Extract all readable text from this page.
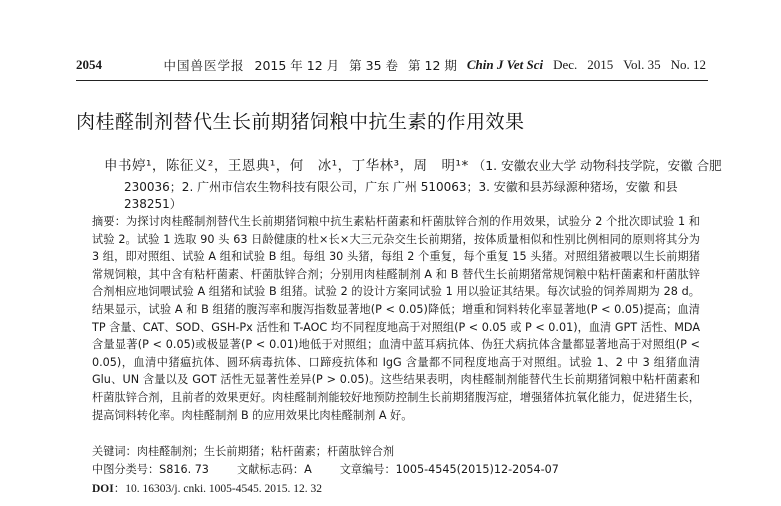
2054	中国兽医学报 2015 年 12 月 第 35 卷 第 12 期 Chin J Vet Sci Dec. 2015 Vol. 35 No. 12
肉桂醛制剂替代生长前期猪饲粮中抗生素的作用效果
申书婷¹，陈征义²，王恩典¹，何　冰¹，丁华林³，周　明¹* （1. 安徽农业大学 动物科技学院，安徽 合肥
230036；2. 广州市信农生物科技有限公司，广东 广州 510063；3. 安徽和县苏绿源种猪场，安徽 和县 238251）

摘要：为探讨肉桂醛制剂替代生长前期猪饲粮中抗生素粘杆菌素和杆菌肽锌合剂的作用效果，试验分 2 个批次即试验 1 和试验 2。试验 1 选取 90 头 63 日龄健康的杜×长×大三元杂交生长前期猪，按体质量相似和性别比例相同的原则将其分为 3 组，即对照组、试验 A 组和试验 B 组。每组 30 头猪，每组 2 个重复，每个重复 15 头猪。对照组猪被喂以生长前期猪常规饲粮，其中含有粘杆菌素、杆菌肽锌合剂；分别用肉桂醛制剂 A 和 B 替代生长前期猪常规饲粮中粘杆菌素和杆菌肽锌合剂相应地饲喂试验 A 组猪和试验 B 组猪。试验 2 的设计方案同试验 1 用以验证其结果。每次试验的饲养周期为 28 d。结果显示，试验 A 和 B 组猪的腹泻率和腹泻指数显著地(P < 0.05)降低；增重和饲料转化率显著地(P < 0.05)提高；血清 TP 含量、CAT、SOD、GSH-Px 活性和 T-AOC 均不同程度地高于对照组(P < 0.05 或 P < 0.01)，血清 GPT 活性、MDA 含量显著(P < 0.05)或极显著(P < 0.01)地低于对照组；血清中蓝耳病抗体、伪狂犬病抗体含量都显著地高于对照组(P < 0.05)，血清中猪瘟抗体、圆环病毒抗体、口蹄疫抗体和 IgG 含量都不同程度地高于对照组。试验 1、2 中 3 组猪血清 Glu、UN 含量以及 GOT 活性无显著性差异(P > 0.05)。这些结果表明，肉桂醛制剂能替代生长前期猪饲粮中粘杆菌素和杆菌肽锌合剂，且前者的效果更好。肉桂醛制剂能较好地预防控制生长前期猪腹泻症，增强猪体抗氧化能力，促进猪生长，提高饲料转化率。肉桂醛制剂 B 的应用效果比肉桂醛制剂 A 好。

关键词：肉桂醛制剂；生长前期猪；粘杆菌素；杆菌肽锌合剂
中图分类号：S816. 73	文献标志码：A	文章编号：1005-4545(2015)12-2054-07
DOI：10. 16303/j. cnki. 1005-4545. 2015. 12. 32
